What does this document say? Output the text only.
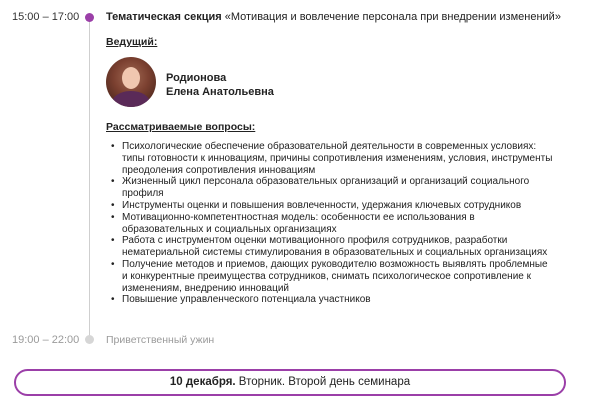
15:00 – 17:00 Тематическая секция «Мотивация и вовлечение персонала при внедрении изменений»
Ведущий:
Родионова
Елена Анатольевна
Рассматриваемые вопросы:
• Психологические обеспечение образовательной деятельности в современных условиях: типы готовности к инновациям, причины сопротивления изменениям, условия, инструменты преодоления сопротивления инновациям
• Жизненный цикл персонала образовательных организаций и организаций социального профиля
• Инструменты оценки и повышения вовлеченности, удержания ключевых сотрудников
• Мотивационно-компетентностная модель: особенности ее использования в образовательных и социальных организациях
• Работа с инструментом оценки мотивационного профиля сотрудников, разработки нематериальной системы стимулирования в образовательных и социальных организациях
• Получение методов и приемов, дающих руководителю возможность выявлять проблемные и конкурентные преимущества сотрудников, снимать психологическое сопротивление к изменениям, внедрению инноваций
• Повышение управленческого потенциала участников
19:00 – 22:00	Приветственный ужин
10 декабря. Вторник. Второй день семинара
